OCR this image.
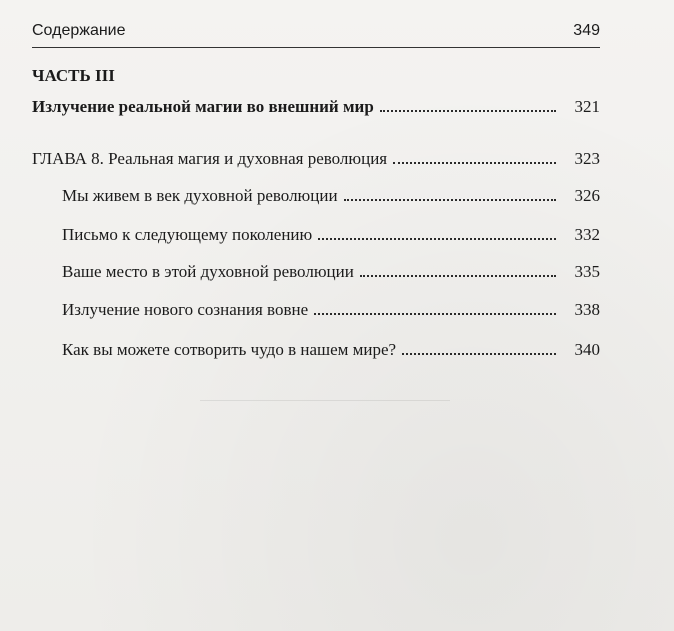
Содержание	349
ЧАСТЬ III
Излучение реальной магии во внешний мир	321
ГЛАВА 8. Реальная магия и духовная революция	323
Мы живем в век духовной революции	326
Письмо к следующему поколению	332
Ваше место в этой духовной революции	335
Излучение нового сознания вовне	338
Как вы можете сотворить чудо в нашем мире?	340
